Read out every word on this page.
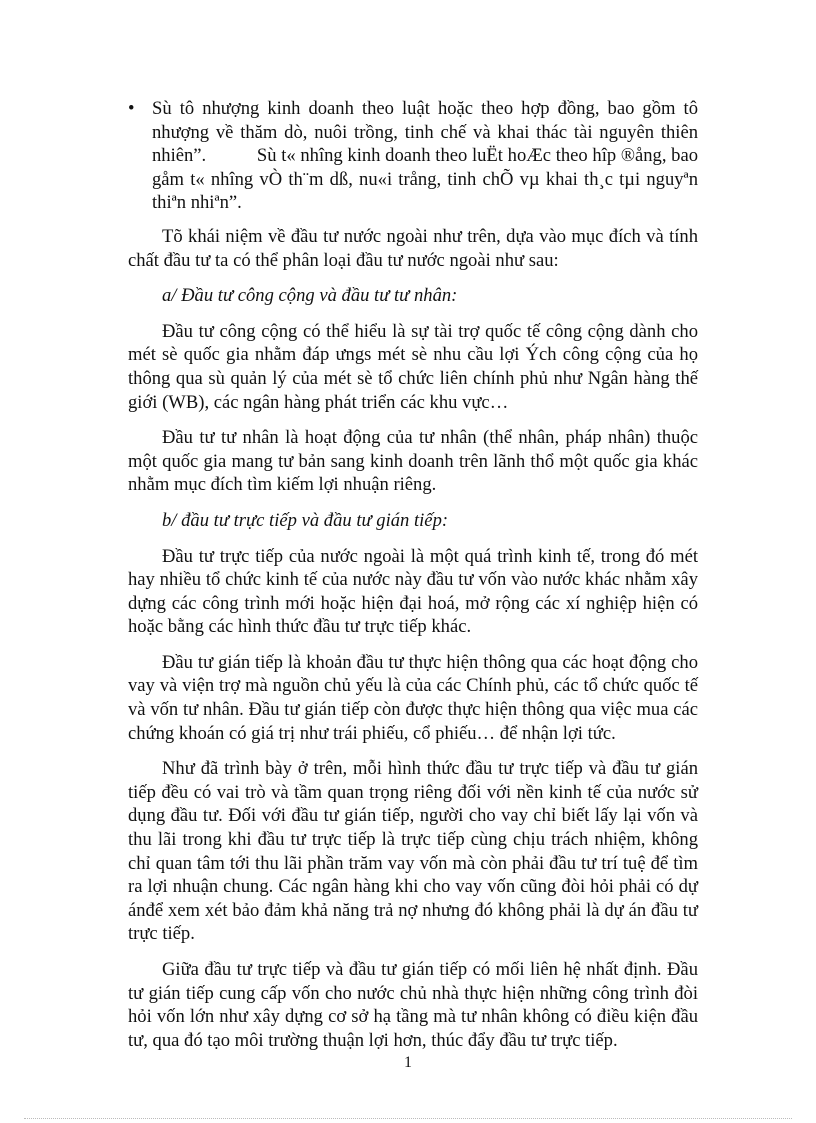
• Sù tô nhượng kinh doanh theo luật hoặc theo hợp đồng, bao gồm tô nhượng về thăm dò, nuôi trồng, tinh chế và khai thác tài nguyên thiên nhiên”.	Sù t« nhîng kinh doanh theo luËt hoÆc theo hîp ®ång, bao gåm t« nhîng vÒ th¨m dß, nu«i trång, tinh chÕ vµ khai th¸c tµi nguyªn thiªn nhiªn”.

Tõ khái niệm về đầu tư nước ngoài như trên, dựa vào mục đích và tính chất đầu tư ta có thể phân loại đầu tư nước ngoài như sau:

a/ Đầu tư công cộng và đầu tư tư nhân:

Đầu tư công cộng có thể hiểu là sự tài trợ quốc tế công cộng dành cho mét sè quốc gia nhằm đáp ưngs mét sè nhu cầu lợi Ých công cộng của họ thông qua sù quản lý của mét sè tổ chức liên chính phủ như Ngân hàng thế giới (WB), các ngân hàng phát triển các khu vực…

Đầu tư tư nhân là hoạt động của tư nhân (thể nhân, pháp nhân) thuộc một quốc gia mang tư bản sang kinh doanh trên lãnh thổ một quốc gia khác nhằm mục đích tìm kiếm lợi nhuận riêng.

b/ đầu tư trực tiếp và đầu tư gián tiếp:

Đầu tư trực tiếp của nước ngoài là một quá trình kinh tế, trong đó mét hay nhiều tổ chức kinh tế của nước này đầu tư vốn vào nước khác nhằm xây dựng các công trình mới hoặc hiện đại hoá, mở rộng các xí nghiệp hiện có hoặc bằng các hình thức đầu tư trực tiếp khác.

Đầu tư gián tiếp là khoản đầu tư thực hiện thông qua các hoạt động cho vay và viện trợ mà nguồn chủ yếu là của các Chính phủ, các tổ chức quốc tế và vốn tư nhân. Đầu tư gián tiếp còn được thực hiện thông qua việc mua các chứng khoán có giá trị như trái phiếu, cổ phiếu… để nhận lợi tức.

Như đã trình bày ở trên, mỗi hình thức đầu tư trực tiếp và đầu tư gián tiếp đều có vai trò và tầm quan trọng riêng đối với nền kinh tế của nước sử dụng đầu tư. Đối với đầu tư gián tiếp, người cho vay chỉ biết lấy lại vốn và thu lãi trong khi đầu tư trực tiếp là trực tiếp cùng chịu trách nhiệm, không chỉ quan tâm tới thu lãi phần trăm vay vốn mà còn phải đầu tư trí tuệ để tìm ra lợi nhuận chung. Các ngân hàng khi cho vay vốn cũng đòi hỏi phải có dự ánđể xem xét bảo đảm khả năng trả nợ nhưng đó không phải là dự án đầu tư trực tiếp.

Giữa đầu tư trực tiếp và đầu tư gián tiếp có mối liên hệ nhất định. Đầu tư gián tiếp cung cấp vốn cho nước chủ nhà thực hiện những công trình đòi hỏi vốn lớn như xây dựng cơ sở hạ tầng mà tư nhân không có điều kiện đầu tư, qua đó tạo môi trường thuận lợi hơn, thúc đẩy đầu tư trực tiếp.

1
